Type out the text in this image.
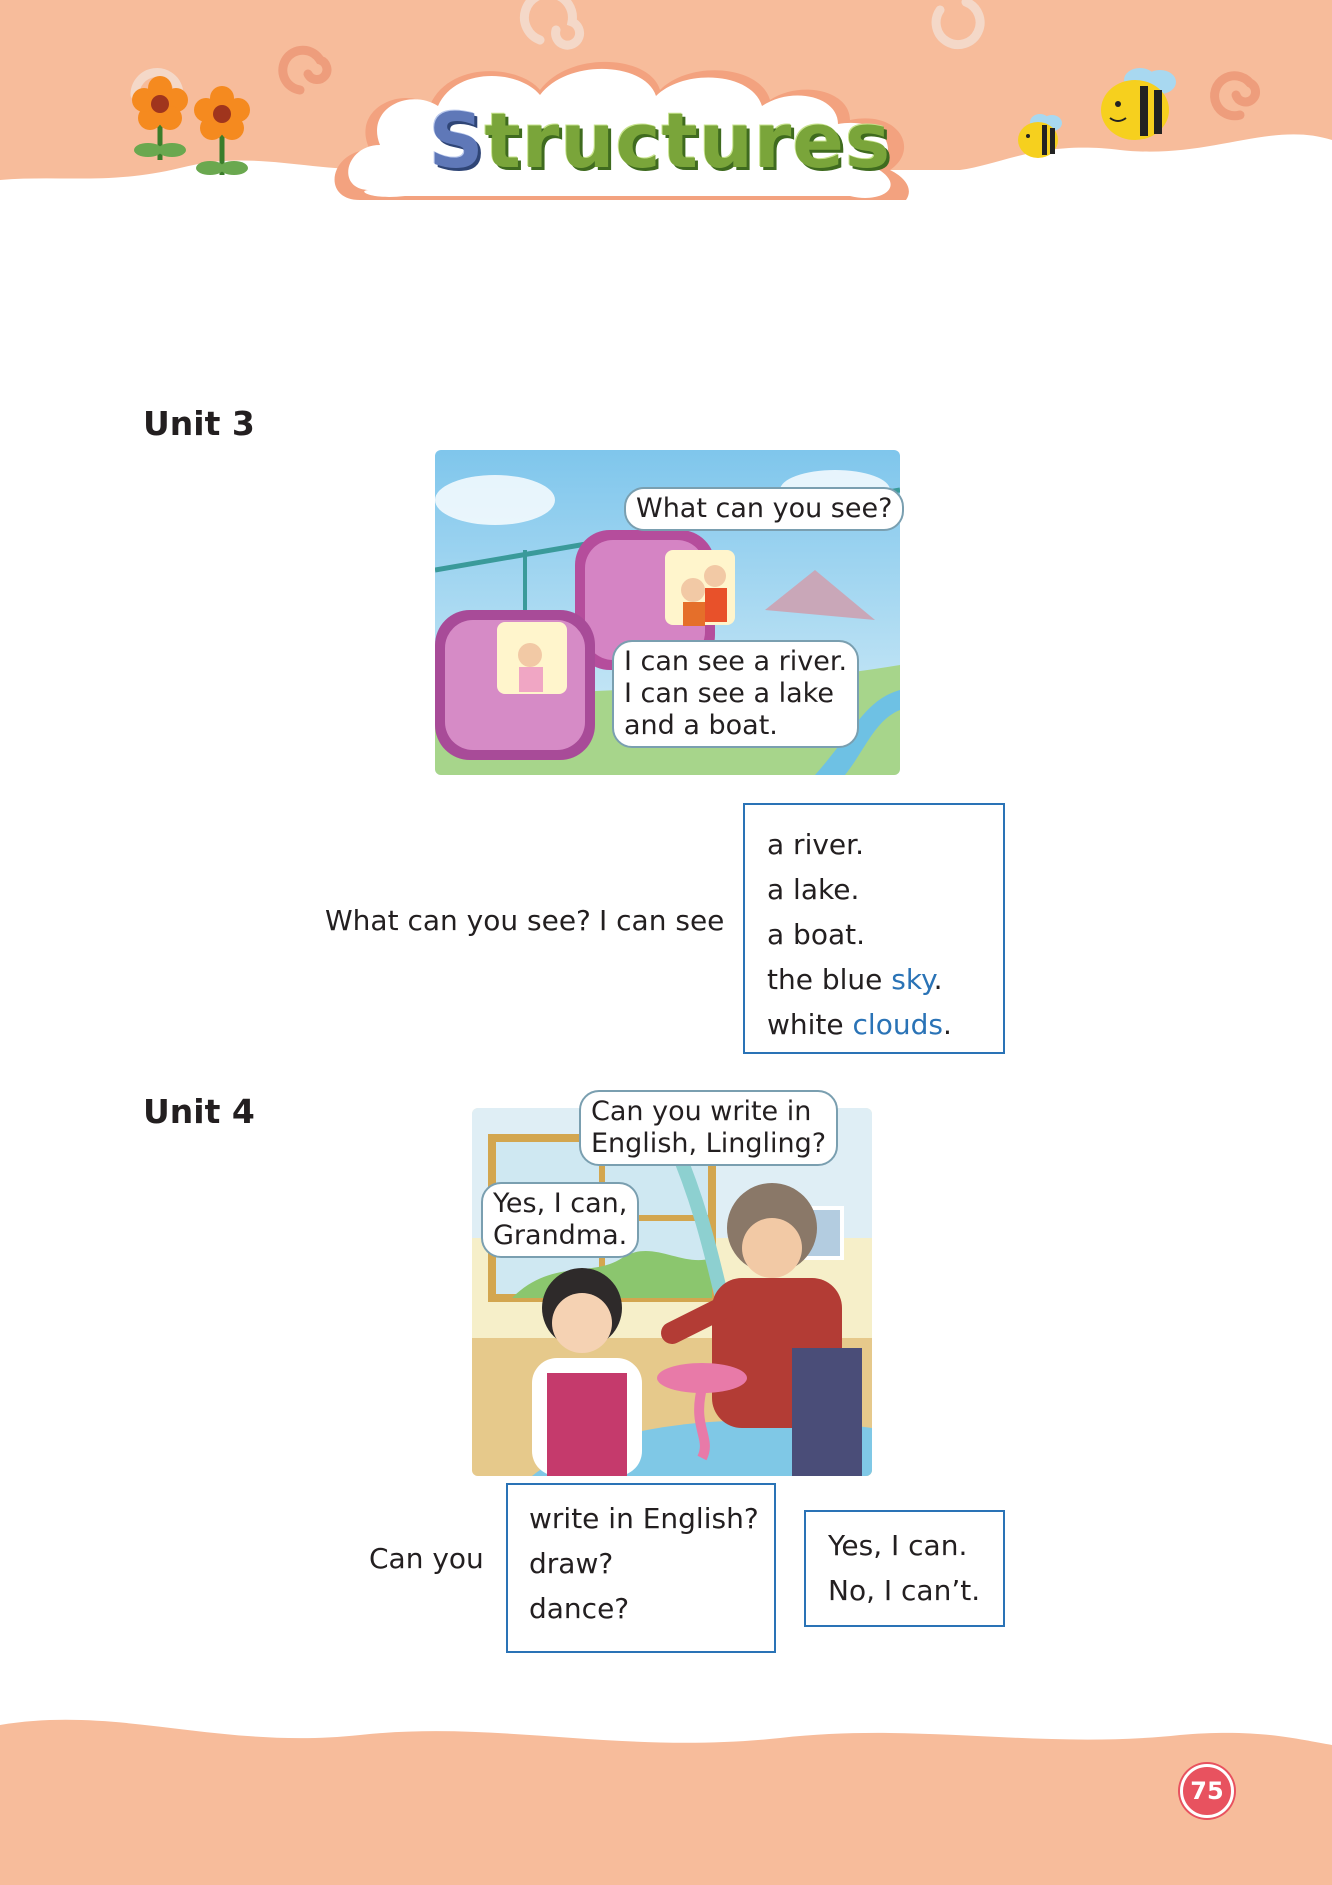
Structures
Unit 3
What can you see?
I can see a river.
I can see a lake
and a boat.
What can you see? I can see
a river.
a lake.
a boat.
the blue sky.
white clouds.
Unit 4	Can you write in
English, Lingling?
Yes, I can,
Grandma.
Can you
write in English?
draw?
dance?
Yes, I can.
No, I can’t.
75
